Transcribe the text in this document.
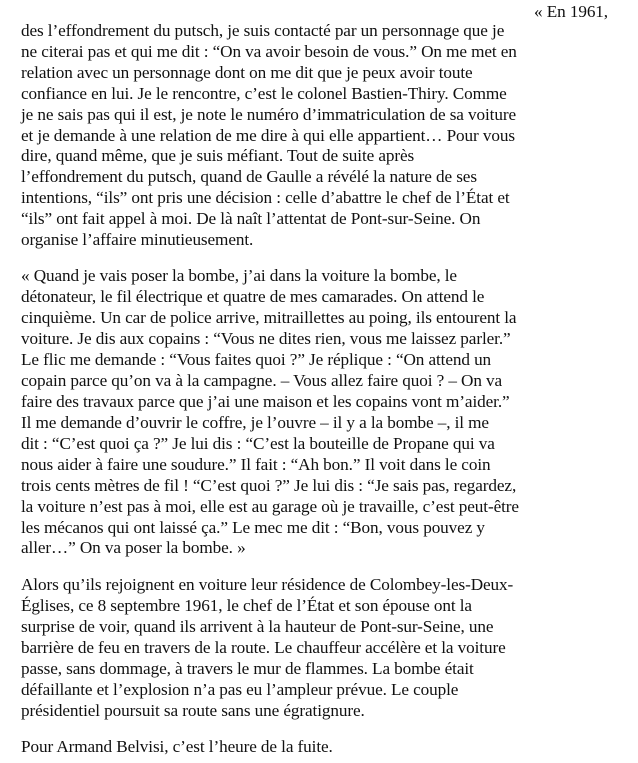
« En 1961,
des l’effondrement du putsch, je suis contacté par un personnage que je
ne citerai pas et qui me dit : “On va avoir besoin de vous.” On me met en
relation avec un personnage dont on me dit que je peux avoir toute
confiance en lui. Je le rencontre, c’est le colonel Bastien-Thiry. Comme
je ne sais pas qui il est, je note le numéro d’immatriculation de sa voiture
et je demande à une relation de me dire à qui elle appartient… Pour vous
dire, quand même, que je suis méfiant. Tout de suite après
l’effondrement du putsch, quand de Gaulle a révélé la nature de ses
intentions, “ils” ont pris une décision : celle d’abattre le chef de l’État et
“ils” ont fait appel à moi. De là naît l’attentat de Pont-sur-Seine. On
organise l’affaire minutieusement.
« Quand je vais poser la bombe, j’ai dans la voiture la bombe, le
détonateur, le fil électrique et quatre de mes camarades. On attend le
cinquième. Un car de police arrive, mitraillettes au poing, ils entourent la
voiture. Je dis aux copains : “Vous ne dites rien, vous me laissez parler.”
Le flic me demande : “Vous faites quoi ?” Je réplique : “On attend un
copain parce qu’on va à la campagne. – Vous allez faire quoi ? – On va
faire des travaux parce que j’ai une maison et les copains vont m’aider.”
Il me demande d’ouvrir le coffre, je l’ouvre – il y a la bombe –, il me
dit : “C’est quoi ça ?” Je lui dis : “C’est la bouteille de Propane qui va
nous aider à faire une soudure.” Il fait : “Ah bon.” Il voit dans le coin
trois cents mètres de fil ! “C’est quoi ?” Je lui dis : “Je sais pas, regardez,
la voiture n’est pas à moi, elle est au garage où je travaille, c’est peut-être
les mécanos qui ont laissé ça.” Le mec me dit : “Bon, vous pouvez y
aller…” On va poser la bombe. »
Alors qu’ils rejoignent en voiture leur résidence de Colombey-les-Deux-
Églises, ce 8 septembre 1961, le chef de l’État et son épouse ont la
surprise de voir, quand ils arrivent à la hauteur de Pont-sur-Seine, une
barrière de feu en travers de la route. Le chauffeur accélère et la voiture
passe, sans dommage, à travers le mur de flammes. La bombe était
défaillante et l’explosion n’a pas eu l’ampleur prévue. Le couple
présidentiel poursuit sa route sans une égratignure.
Pour Armand Belvisi, c’est l’heure de la fuite.
